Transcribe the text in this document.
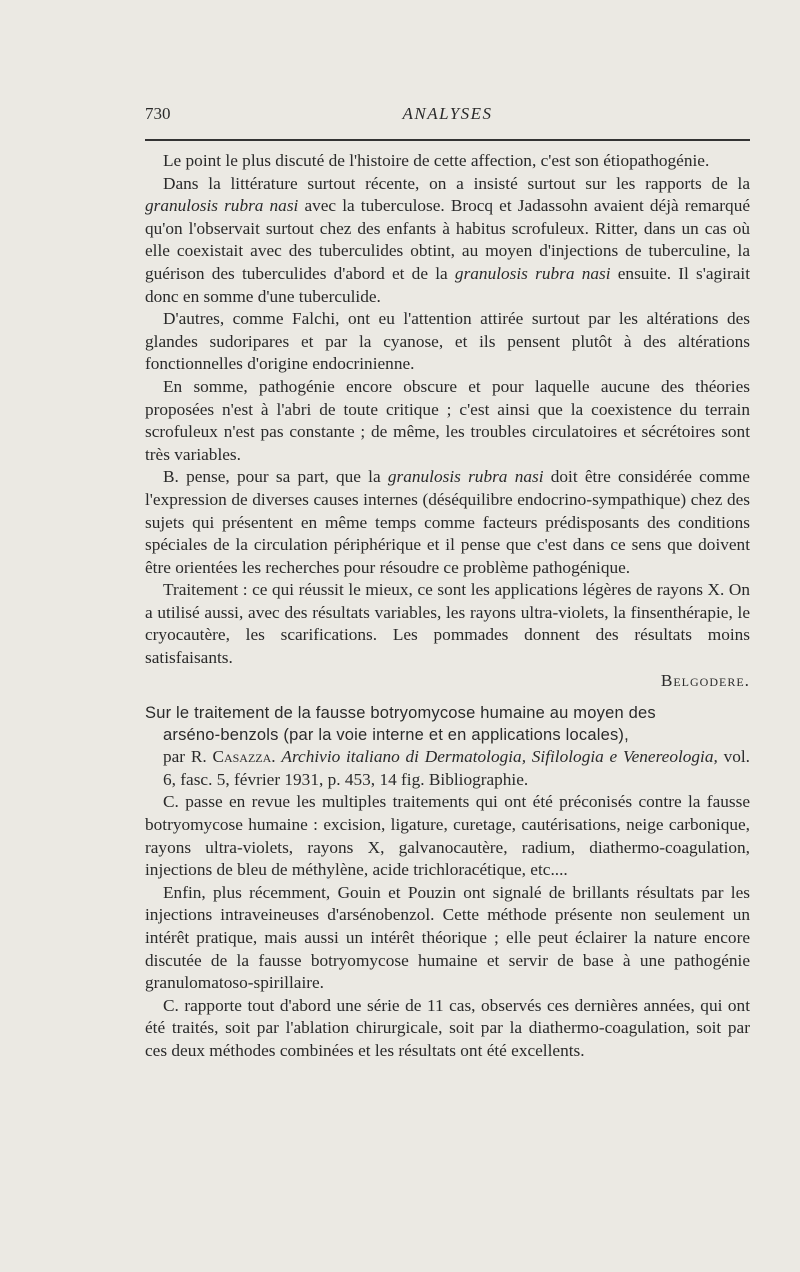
730	ANALYSES

Le point le plus discuté de l'histoire de cette affection, c'est son étiopathogénie.

Dans la littérature surtout récente, on a insisté surtout sur les rapports de la granulosis rubra nasi avec la tuberculose. Brocq et Jadassohn avaient déjà remarqué qu'on l'observait surtout chez des enfants à habitus scrofuleux. Ritter, dans un cas où elle coexistait avec des tuberculides obtint, au moyen d'injections de tuberculine, la guérison des tuberculides d'abord et de la granulosis rubra nasi ensuite. Il s'agirait donc en somme d'une tuberculide.

D'autres, comme Falchi, ont eu l'attention attirée surtout par les altérations des glandes sudoripares et par la cyanose, et ils pensent plutôt à des altérations fonctionnelles d'origine endocrinienne.

En somme, pathogénie encore obscure et pour laquelle aucune des théories proposées n'est à l'abri de toute critique ; c'est ainsi que la coexistence du terrain scrofuleux n'est pas constante ; de même, les troubles circulatoires et sécrétoires sont très variables.

B. pense, pour sa part, que la granulosis rubra nasi doit être considérée comme l'expression de diverses causes internes (déséquilibre endocrino-sympathique) chez des sujets qui présentent en même temps comme facteurs prédisposants des conditions spéciales de la circulation périphérique et il pense que c'est dans ce sens que doivent être orientées les recherches pour résoudre ce problème pathogénique.

Traitement : ce qui réussit le mieux, ce sont les applications légères de rayons X. On a utilisé aussi, avec des résultats variables, les rayons ultra-violets, la finsenthérapie, le cryocautère, les scarifications. Les pommades donnent des résultats moins satisfaisants.

Belgodere.

Sur le traitement de la fausse botryomycose humaine au moyen des
arséno-benzols (par la voie interne et en applications locales),

par R. Casazza. Archivio italiano di Dermatologia, Sifilologia e Venereologia, vol. 6, fasc. 5, février 1931, p. 453, 14 fig. Bibliographie.

C. passe en revue les multiples traitements qui ont été préconisés contre la fausse botryomycose humaine : excision, ligature, curetage, cautérisations, neige carbonique, rayons ultra-violets, rayons X, galvanocautère, radium, diathermo-coagulation, injections de bleu de méthylène, acide trichloracétique, etc....

Enfin, plus récemment, Gouin et Pouzin ont signalé de brillants résultats par les injections intraveineuses d'arsénobenzol. Cette méthode présente non seulement un intérêt pratique, mais aussi un intérêt théorique ; elle peut éclairer la nature encore discutée de la fausse botryomycose humaine et servir de base à une pathogénie granulomatoso-spirillaire.

C. rapporte tout d'abord une série de 11 cas, observés ces dernières années, qui ont été traités, soit par l'ablation chirurgicale, soit par la diathermo-coagulation, soit par ces deux méthodes combinées et les résultats ont été excellents.
